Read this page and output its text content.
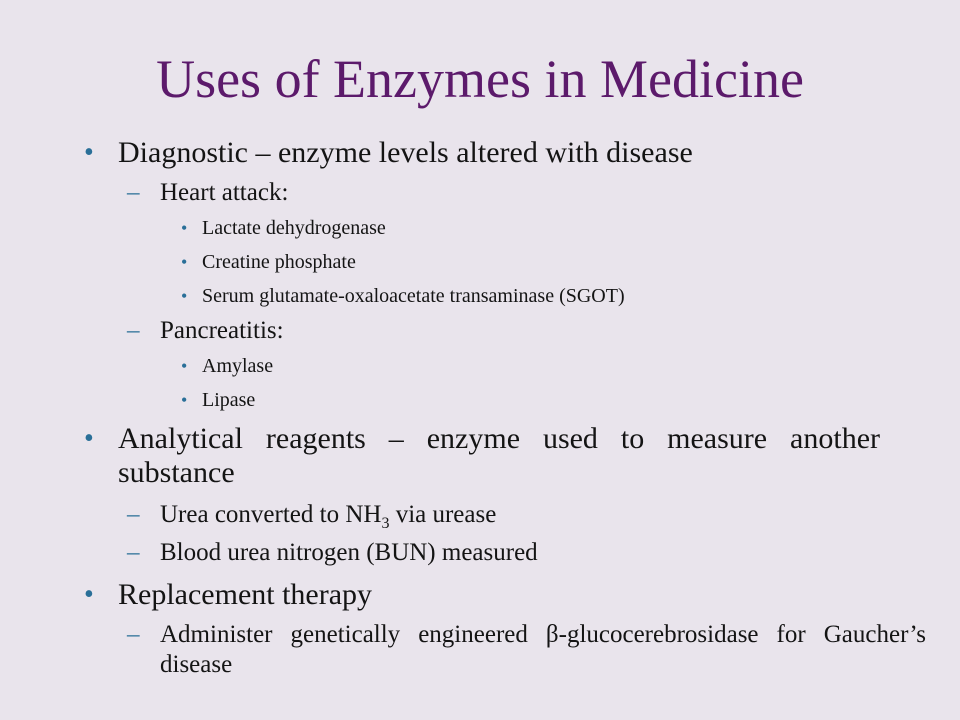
Uses of Enzymes in Medicine
• Diagnostic – enzyme levels altered with disease
– Heart attack:
• Lactate dehydrogenase
• Creatine phosphate
• Serum glutamate-oxaloacetate transaminase (SGOT)
– Pancreatitis:
• Amylase
• Lipase
• Analytical reagents – enzyme used to measure another substance
– Urea converted to $NH_3$ via urease
– Blood urea nitrogen (BUN) measured
• Replacement therapy
– Administer genetically engineered β-glucocerebrosidase for Gaucher’s disease
